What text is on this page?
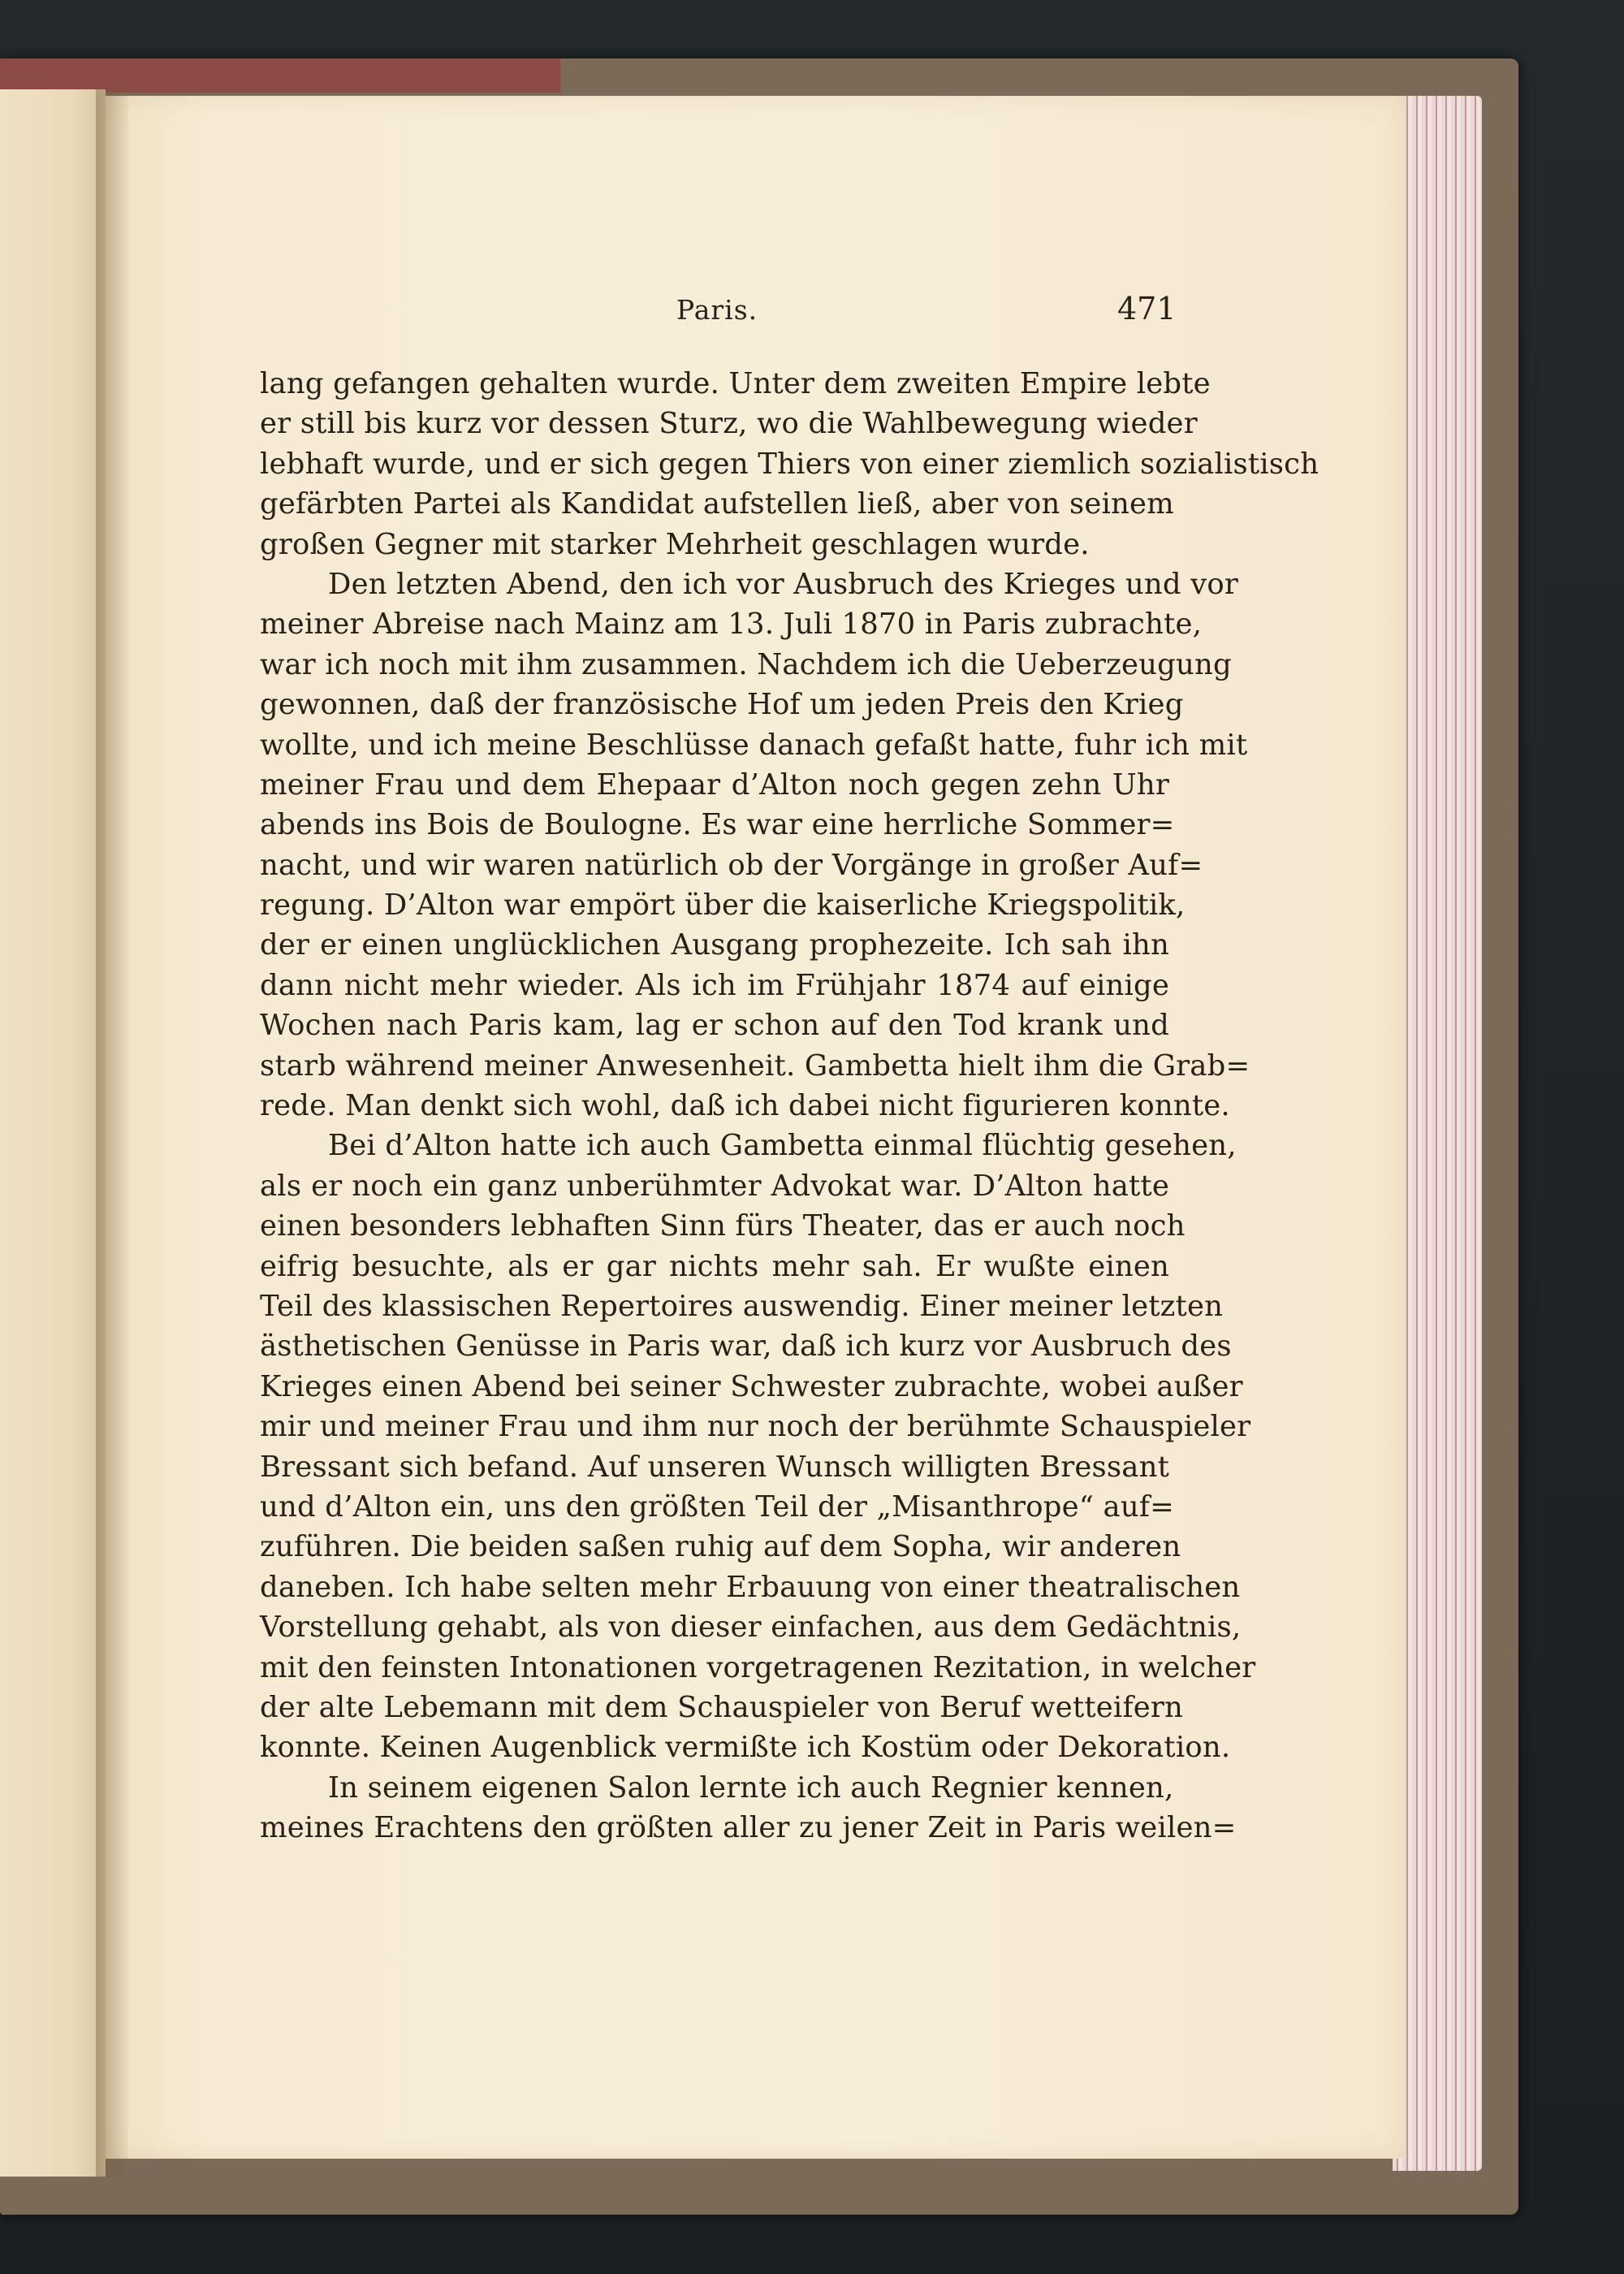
Paris.	471
lang gefangen gehalten wurde. Unter dem zweiten Empire lebte
er still bis kurz vor dessen Sturz, wo die Wahlbewegung wieder
lebhaft wurde, und er sich gegen Thiers von einer ziemlich sozialistisch
gefärbten Partei als Kandidat aufstellen ließ, aber von seinem
großen Gegner mit starker Mehrheit geschlagen wurde.
Den letzten Abend, den ich vor Ausbruch des Krieges und vor
meiner Abreise nach Mainz am 13. Juli 1870 in Paris zubrachte,
war ich noch mit ihm zusammen. Nachdem ich die Ueberzeugung
gewonnen, daß der französische Hof um jeden Preis den Krieg
wollte, und ich meine Beschlüsse danach gefaßt hatte, fuhr ich mit
meiner Frau und dem Ehepaar d’Alton noch gegen zehn Uhr
abends ins Bois de Boulogne. Es war eine herrliche Sommer=
nacht, und wir waren natürlich ob der Vorgänge in großer Auf=
regung. D’Alton war empört über die kaiserliche Kriegspolitik,
der er einen unglücklichen Ausgang prophezeite. Ich sah ihn
dann nicht mehr wieder. Als ich im Frühjahr 1874 auf einige
Wochen nach Paris kam, lag er schon auf den Tod krank und
starb während meiner Anwesenheit. Gambetta hielt ihm die Grab=
rede. Man denkt sich wohl, daß ich dabei nicht figurieren konnte.
Bei d’Alton hatte ich auch Gambetta einmal flüchtig gesehen,
als er noch ein ganz unberühmter Advokat war. D’Alton hatte
einen besonders lebhaften Sinn fürs Theater, das er auch noch
eifrig besuchte, als er gar nichts mehr sah. Er wußte einen
Teil des klassischen Repertoires auswendig. Einer meiner letzten
ästhetischen Genüsse in Paris war, daß ich kurz vor Ausbruch des
Krieges einen Abend bei seiner Schwester zubrachte, wobei außer
mir und meiner Frau und ihm nur noch der berühmte Schauspieler
Bressant sich befand. Auf unseren Wunsch willigten Bressant
und d’Alton ein, uns den größten Teil der „Misanthrope“ auf=
zuführen. Die beiden saßen ruhig auf dem Sopha, wir anderen
daneben. Ich habe selten mehr Erbauung von einer theatralischen
Vorstellung gehabt, als von dieser einfachen, aus dem Gedächtnis,
mit den feinsten Intonationen vorgetragenen Rezitation, in welcher
der alte Lebemann mit dem Schauspieler von Beruf wetteifern
konnte. Keinen Augenblick vermißte ich Kostüm oder Dekoration.
In seinem eigenen Salon lernte ich auch Regnier kennen,
meines Erachtens den größten aller zu jener Zeit in Paris weilen=
